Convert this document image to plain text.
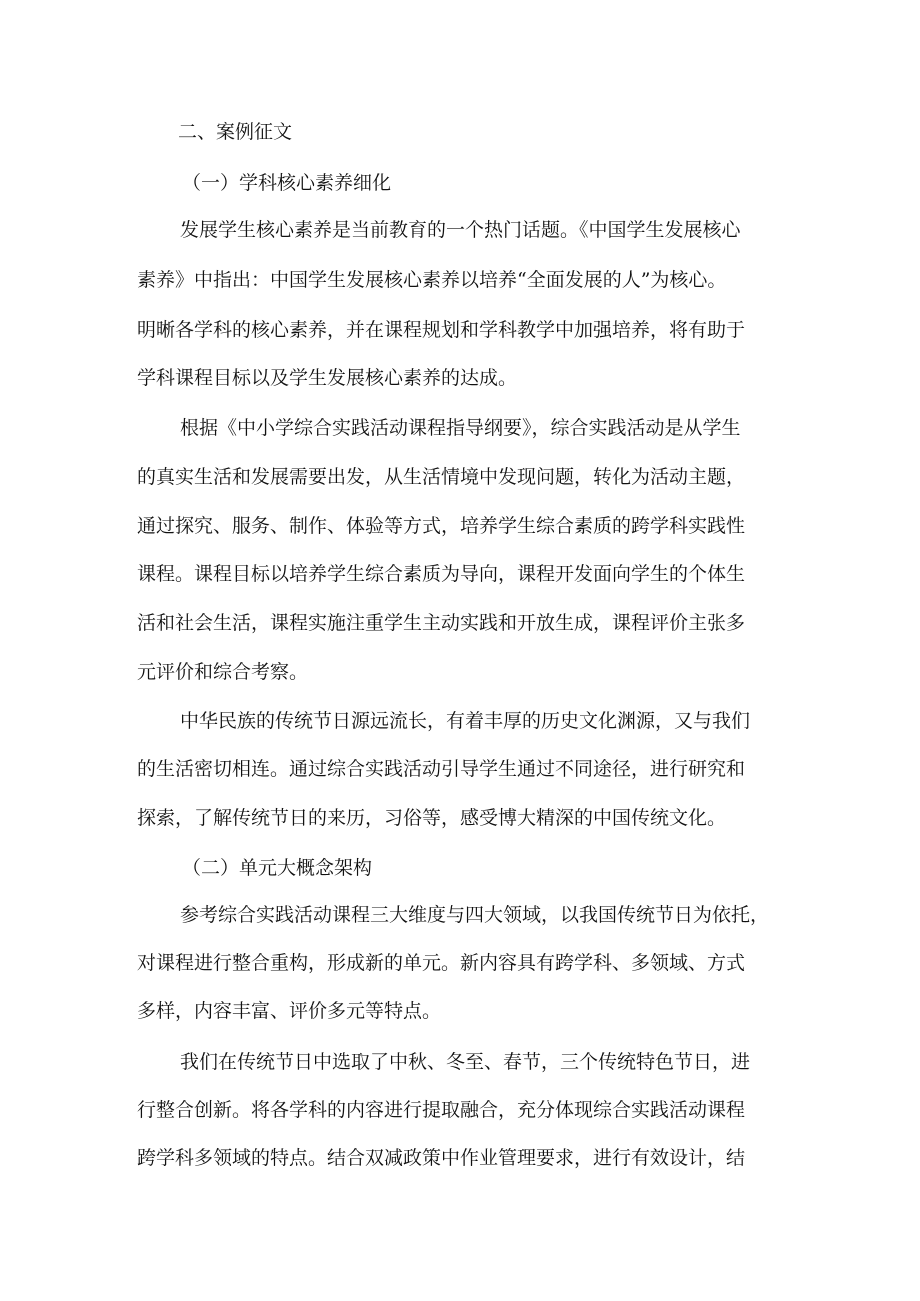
二、案例征文
（一）学科核心素养细化
发展学生核心素养是当前教育的一个热门话题。《中国学生发展核心
素养》中指出：中国学生发展核心素养以培养“全面发展的人”为核心。
明晰各学科的核心素养，并在课程规划和学科教学中加强培养，将有助于
学科课程目标以及学生发展核心素养的达成。
根据《中小学综合实践活动课程指导纲要》，综合实践活动是从学生
的真实生活和发展需要出发，从生活情境中发现问题，转化为活动主题，
通过探究、服务、制作、体验等方式，培养学生综合素质的跨学科实践性
课程。课程目标以培养学生综合素质为导向，课程开发面向学生的个体生
活和社会生活，课程实施注重学生主动实践和开放生成，课程评价主张多
元评价和综合考察。
中华民族的传统节日源远流长，有着丰厚的历史文化渊源，又与我们
的生活密切相连。通过综合实践活动引导学生通过不同途径，进行研究和
探索，了解传统节日的来历，习俗等，感受博大精深的中国传统文化。
（二）单元大概念架构
参考综合实践活动课程三大维度与四大领域，以我国传统节日为依托，
对课程进行整合重构，形成新的单元。新内容具有跨学科、多领域、方式
多样，内容丰富、评价多元等特点。
我们在传统节日中选取了中秋、冬至、春节，三个传统特色节日，进
行整合创新。将各学科的内容进行提取融合，充分体现综合实践活动课程
跨学科多领域的特点。结合双减政策中作业管理要求，进行有效设计，结
